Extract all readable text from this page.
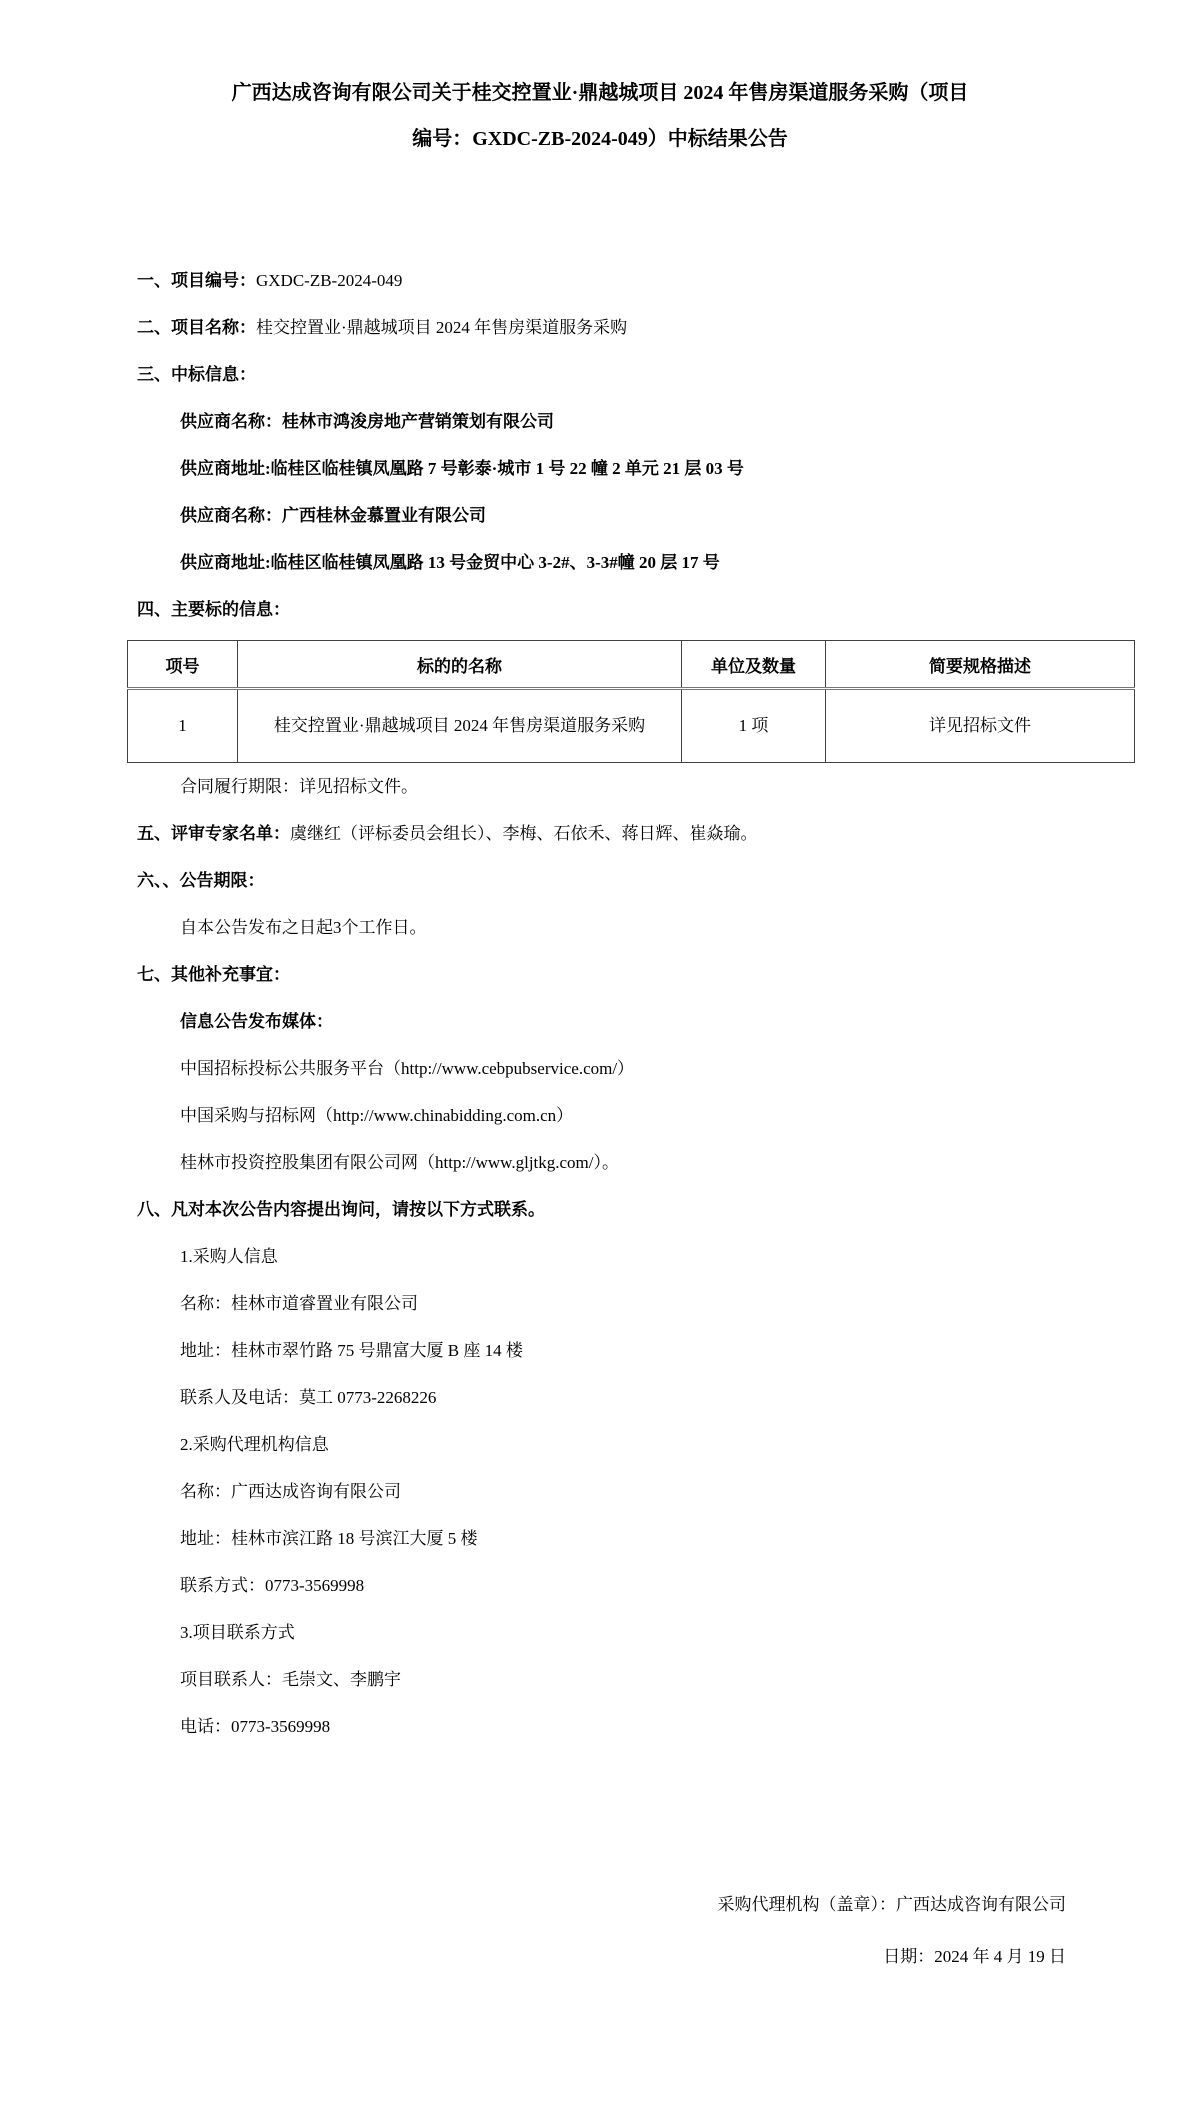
广西达成咨询有限公司关于桂交控置业·鼎越城项目 2024 年售房渠道服务采购（项目
编号：GXDC-ZB-2024-049）中标结果公告

一、项目编号：GXDC-ZB-2024-049

二、项目名称：桂交控置业·鼎越城项目 2024 年售房渠道服务采购

三、中标信息：

供应商名称：桂林市鸿浚房地产营销策划有限公司

供应商地址:临桂区临桂镇凤凰路 7 号彰泰·城市 1 号 22 幢 2 单元 21 层 03 号

供应商名称：广西桂林金慕置业有限公司

供应商地址:临桂区临桂镇凤凰路 13 号金贸中心 3-2#、3-3#幢 20 层 17 号

四、主要标的信息：

项号	标的的名称	单位及数量	简要规格描述
1	桂交控置业·鼎越城项目 2024 年售房渠道服务采购	1 项	详见招标文件

合同履行期限：详见招标文件。

五、评审专家名单：虞继红（评标委员会组长）、李梅、石依禾、蒋日辉、崔焱瑜。

六、、公告期限：

自本公告发布之日起3个工作日。

七、其他补充事宜：

信息公告发布媒体：

中国招标投标公共服务平台（http://www.cebpubservice.com/）

中国采购与招标网（http://www.chinabidding.com.cn）

桂林市投资控股集团有限公司网（http://www.gljtkg.com/）。

八、凡对本次公告内容提出询问，请按以下方式联系。

1.采购人信息

名称：桂林市道睿置业有限公司

地址：桂林市翠竹路 75 号鼎富大厦 B 座 14 楼

联系人及电话：莫工 0773-2268226

2.采购代理机构信息

名称：广西达成咨询有限公司

地址：桂林市滨江路 18 号滨江大厦 5 楼

联系方式：0773-3569998

3.项目联系方式

项目联系人：毛崇文、李鹏宇

电话：0773-3569998

采购代理机构（盖章）：广西达成咨询有限公司

日期：2024 年 4 月 19 日
